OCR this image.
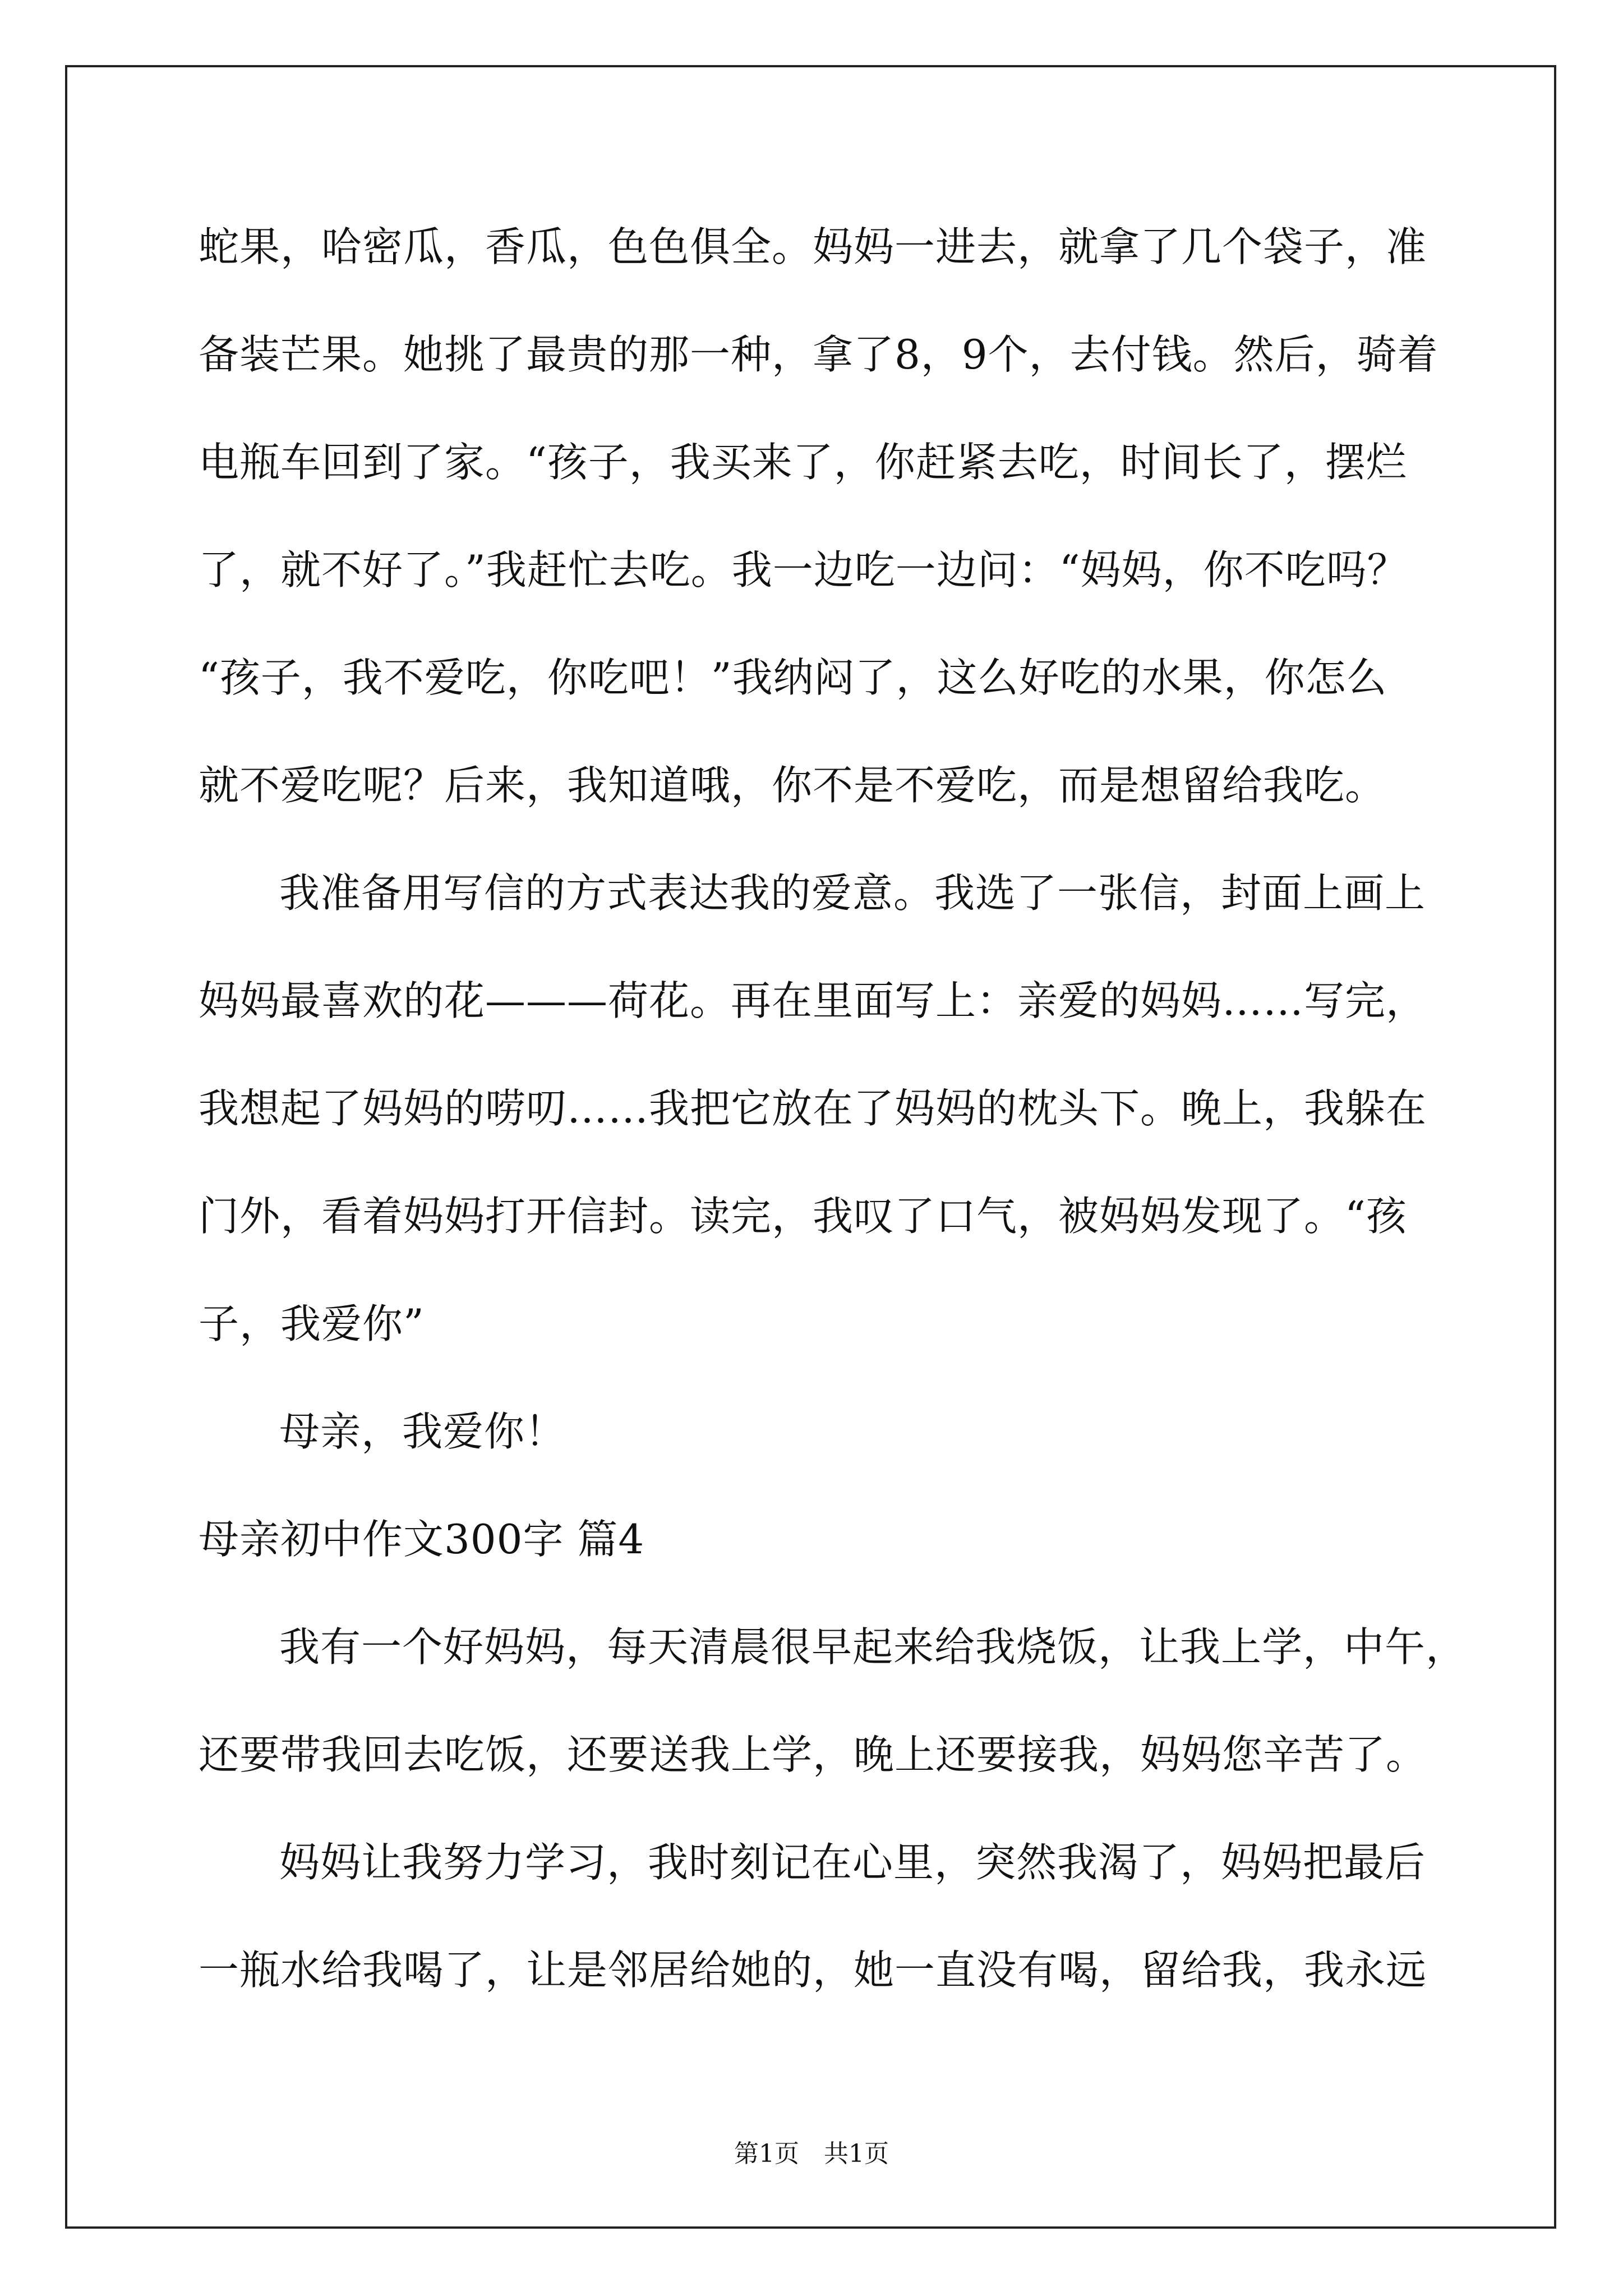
蛇果，哈密瓜，香瓜，色色俱全。妈妈一进去，就拿了几个袋子，准
备装芒果。她挑了最贵的那一种，拿了8，9个，去付钱。然后，骑着
电瓶车回到了家。“孩子，我买来了，你赶紧去吃，时间长了，摆烂
了，就不好了。”我赶忙去吃。我一边吃一边问：“妈妈，你不吃吗？
“孩子，我不爱吃，你吃吧！”我纳闷了，这么好吃的水果，你怎么
就不爱吃呢？后来，我知道哦，你不是不爱吃，而是想留给我吃。
我准备用写信的方式表达我的爱意。我选了一张信，封面上画上
妈妈最喜欢的花———荷花。再在里面写上：亲爱的妈妈……写完，
我想起了妈妈的唠叨……我把它放在了妈妈的枕头下。晚上，我躲在
门外，看着妈妈打开信封。读完，我叹了口气，被妈妈发现了。“孩
子，我爱你”
母亲，我爱你！
母亲初中作文300字 篇4
我有一个好妈妈，每天清晨很早起来给我烧饭，让我上学，中午，
还要带我回去吃饭，还要送我上学，晚上还要接我，妈妈您辛苦了。
妈妈让我努力学习，我时刻记在心里，突然我渴了，妈妈把最后
一瓶水给我喝了，让是邻居给她的，她一直没有喝，留给我，我永远
第1页　共1页
